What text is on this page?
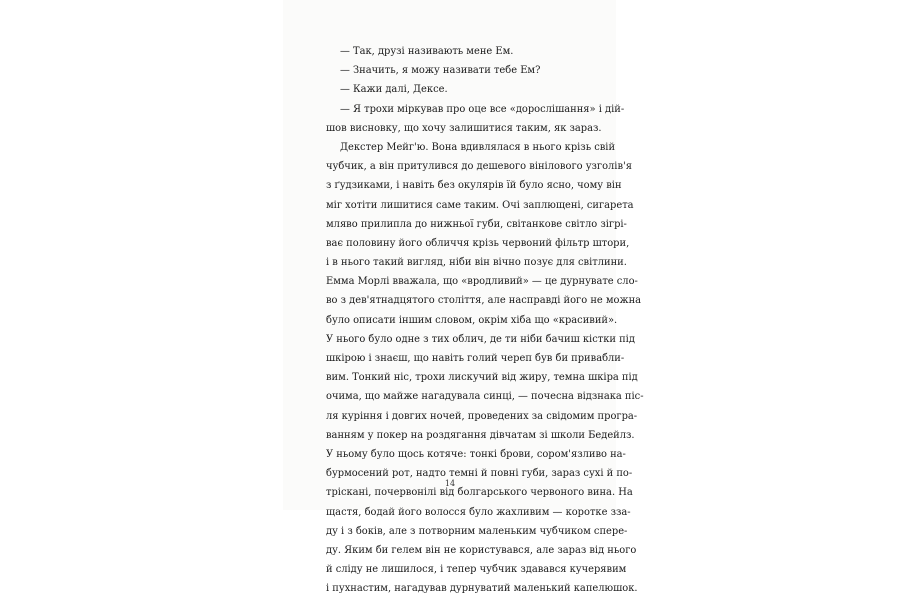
— Так, друзі називають мене Ем.
— Значить, я можу називати тебе Ем?
— Кажи далі, Дексе.
— Я трохи міркував про оце все «дорослішання» і дій-
шов висновку, що хочу залишитися таким, як зараз.
Декстер Мейг'ю. Вона вдивлялася в нього крізь свій
чубчик, а він притулився до дешевого вінілового узголів'я
з ґудзиками, і навіть без окулярів їй було ясно, чому він
міг хотіти лишитися саме таким. Очі заплющені, сигарета
мляво прилипла до нижньої губи, світанкове світло зігрі-
ває половину його обличчя крізь червоний фільтр штори,
і в нього такий вигляд, ніби він вічно позує для світлини.
Емма Морлі вважала, що «вродливий» — це дурнувате сло-
во з дев'ятнадцятого століття, але насправді його не можна
було описати іншим словом, окрім хіба що «красивий».
У нього було одне з тих облич, де ти ніби бачиш кістки під
шкірою і знаєш, що навіть голий череп був би привабли-
вим. Тонкий ніс, трохи лискучий від жиру, темна шкіра під
очима, що майже нагадувала синці, — почесна відзнака піс-
ля куріння і довгих ночей, проведених за свідомим програ-
ванням у покер на роздягання дівчатам зі школи Бедейлз.
У ньому було щось котяче: тонкі брови, сором'язливо на-
бурмосений рот, надто темні й повні губи, зараз сухі й по-
трісканi, почервонілі від болгарського червоного вина. На
щастя, бодай його волосся було жахливим — коротке зза-
ду і з боків, але з потворним маленьким чубчиком спере-
ду. Яким би гелем він не користувався, але зараз від нього
й сліду не лишилося, і тепер чубчик здавався кучерявим
і пухнастим, нагадував дурнуватий маленький капелюшок.
14
